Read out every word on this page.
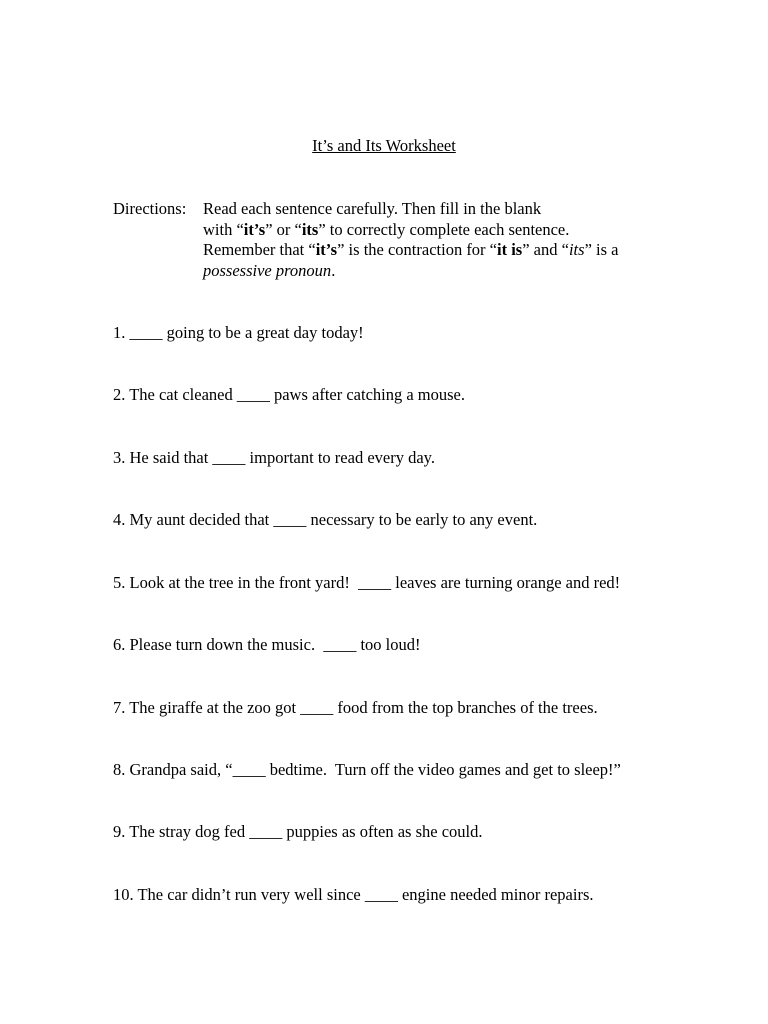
It’s and Its Worksheet
Directions: Read each sentence carefully. Then fill in the blank
with “it’s” or “its” to correctly complete each sentence.
Remember that “it’s” is the contraction for “it is” and “its” is a
possessive pronoun.
1. ____ going to be a great day today!
2. The cat cleaned ____ paws after catching a mouse.
3. He said that ____ important to read every day.
4. My aunt decided that ____ necessary to be early to any event.
5. Look at the tree in the front yard!  ____ leaves are turning orange and red!
6. Please turn down the music.  ____ too loud!
7. The giraffe at the zoo got ____ food from the top branches of the trees.
8. Grandpa said, “____ bedtime.  Turn off the video games and get to sleep!”
9. The stray dog fed ____ puppies as often as she could.
10. The car didn’t run very well since ____ engine needed minor repairs.
